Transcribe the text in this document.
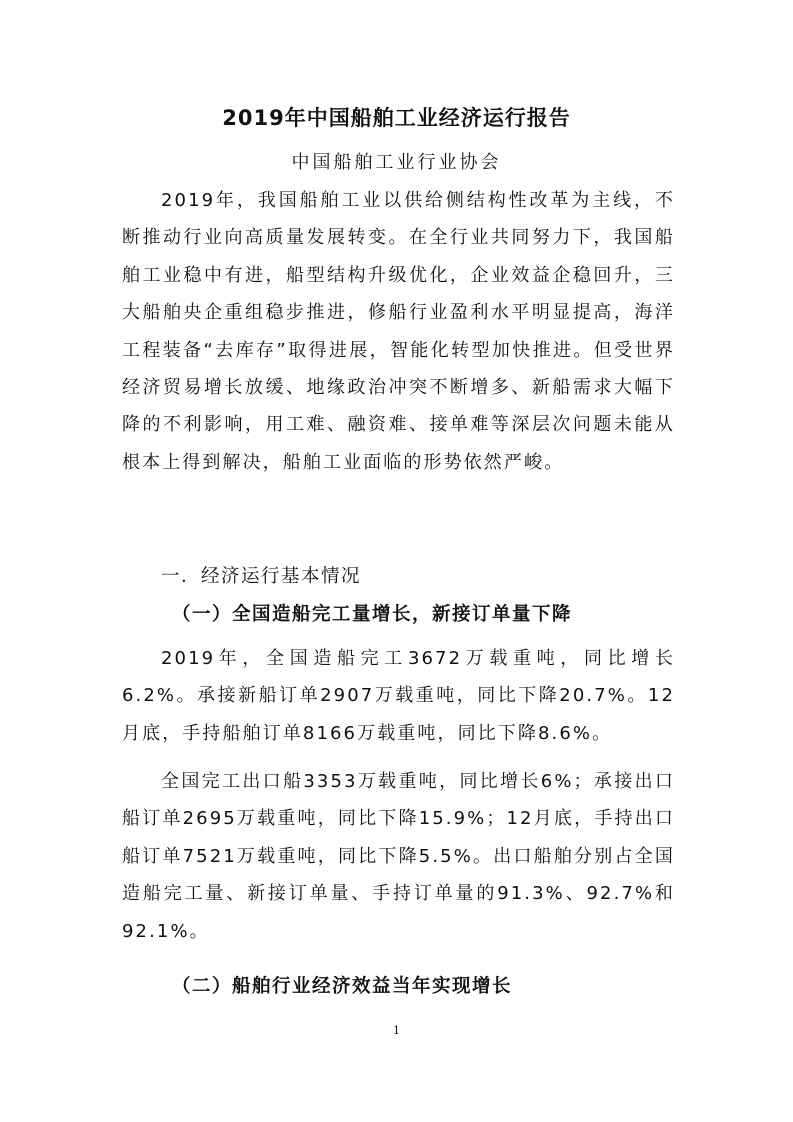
2019年中国船舶工业经济运行报告
中国船舶工业行业协会

2019年，我国船舶工业以供给侧结构性改革为主线，不断推动行业向高质量发展转变。在全行业共同努力下，我国船舶工业稳中有进，船型结构升级优化，企业效益企稳回升，三大船舶央企重组稳步推进，修船行业盈利水平明显提高，海洋工程装备“去库存”取得进展，智能化转型加快推进。但受世界经济贸易增长放缓、地缘政治冲突不断增多、新船需求大幅下降的不利影响，用工难、融资难、接单难等深层次问题未能从根本上得到解决，船舶工业面临的形势依然严峻。

一．经济运行基本情况
（一）全国造船完工量增长，新接订单量下降

2019年，全国造船完工3672万载重吨，同比增长6.2%。承接新船订单2907万载重吨，同比下降20.7%。12月底，手持船舶订单8166万载重吨，同比下降8.6%。

全国完工出口船3353万载重吨，同比增长6%；承接出口船订单2695万载重吨，同比下降15.9%；12月底，手持出口船订单7521万载重吨，同比下降5.5%。出口船舶分别占全国造船完工量、新接订单量、手持订单量的91.3%、92.7%和92.1%。

（二）船舶行业经济效益当年实现增长
1
